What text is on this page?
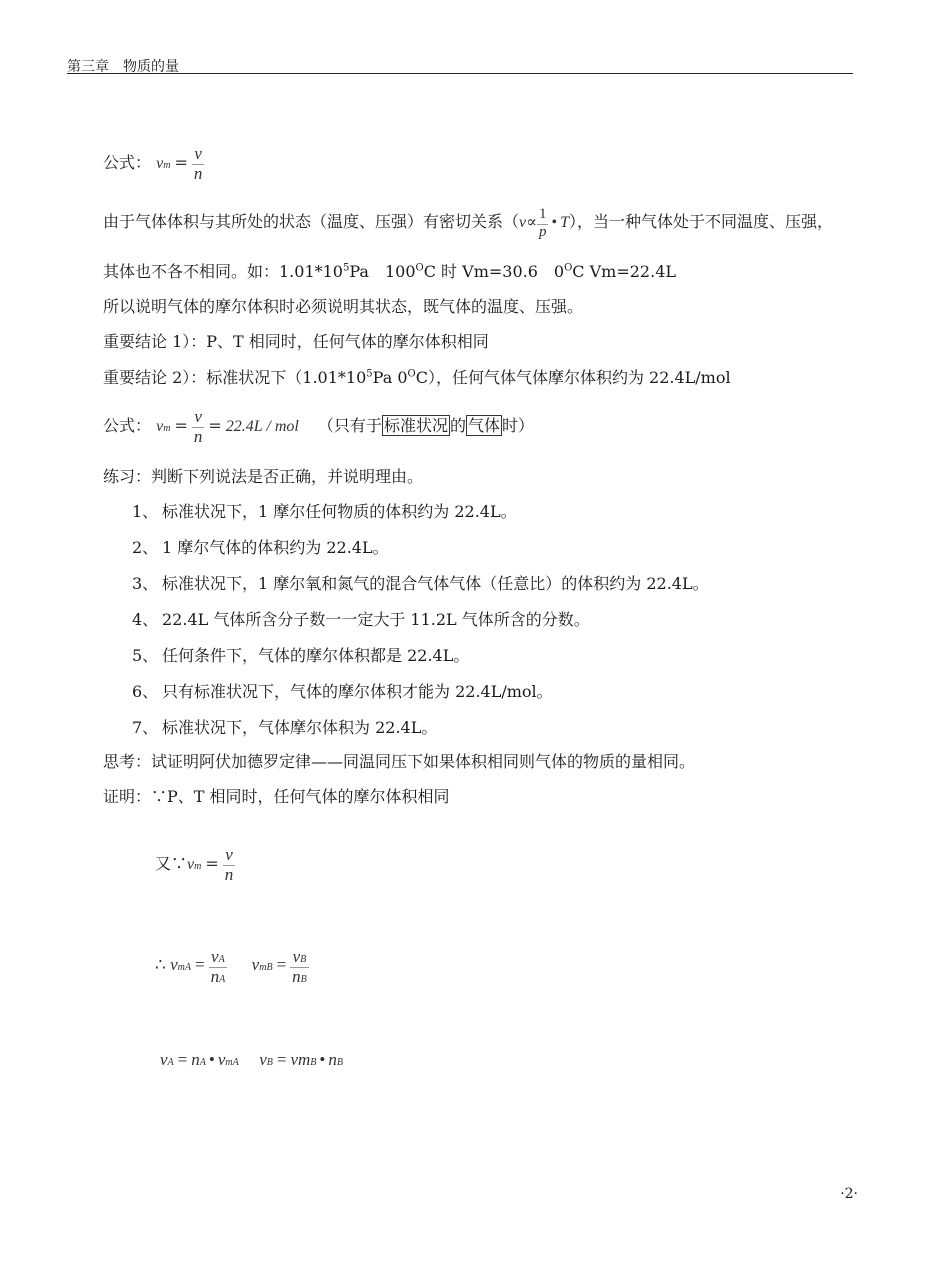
第三章　物质的量
公式： vm = $\frac{v}{n}$
由于气体体积与其所处的状态（温度、压强）有密切关系（$v\propto \frac{1}{p}$ • T），当一种气体处于不同温度、压强，
其体也不各不相同。如：$1.01*10^5Pa$　$100^OC$ 时 Vm=30.6　$0^OC$ Vm=22.4L
所以说明气体的摩尔体积时必须说明其状态，既气体的温度、压强。
重要结论 1）：P、T 相同时，任何气体的摩尔体积相同
重要结论 2）：标准状况下（$1.01*10^5Pa$ $0^OC$），任何气体气体摩尔体积约为 22.4L/mol
公式： vm = $\frac{v}{n} = 22.4L$ / mol （只有于 标准状况 的 气体 时）
练习：判断下列说法是否正确，并说明理由。
1、 标准状况下，1 摩尔任何物质的体积约为 22.4L。
2、 1 摩尔气体的体积约为 22.4L。
3、 标准状况下，1 摩尔氧和氮气的混合气体气体（任意比）的体积约为 22.4L。
4、 22.4L 气体所含分子数一一定大于 11.2L 气体所含的分数。
5、 任何条件下，气体的摩尔体积都是 22.4L。
6、 只有标准状况下，气体的摩尔体积才能为 22.4L/mol。
7、 标准状况下，气体摩尔体积为 22.4L。
思考：试证明阿伏加德罗定律——同温同压下如果体积相同则气体的物质的量相同。
证明：∵P、T 相同时，任何气体的摩尔体积相同
又∵vm = $\frac{v}{n}$
∴ vmA = $\frac{vA}{nA}$ vmB = $\frac{vB}{nB}$
vA = nA • vmA vB = vmB • nB
·2·
